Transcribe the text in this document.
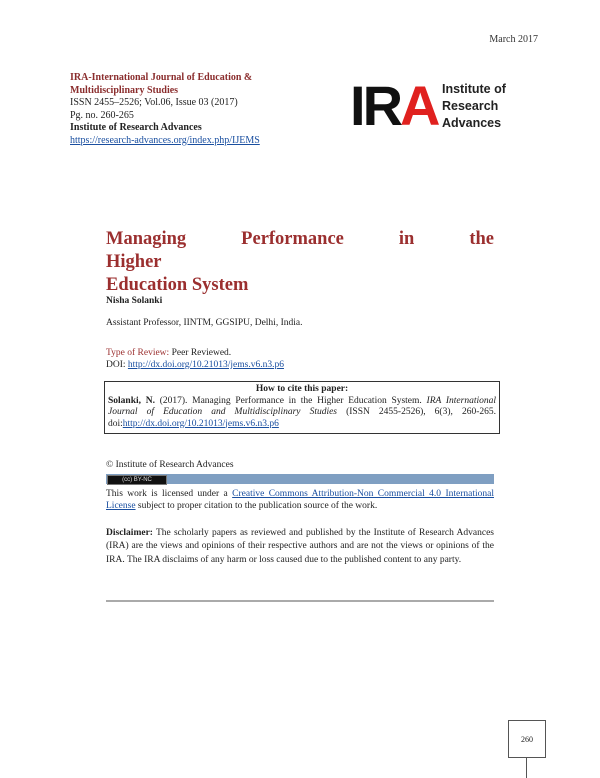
March 2017
IRA-International Journal of Education & Multidisciplinary Studies
ISSN 2455–2526; Vol.06, Issue 03 (2017)
Pg. no. 260-265

Institute of Research Advances
https://research-advances.org/index.php/IJEMS
IRA Institute of
Research
Advances
Managing Performance in the Higher
Education System
Nisha Solanki
Assistant Professor, IINTM, GGSIPU, Delhi, India.
Type of Review: Peer Reviewed.
DOI: http://dx.doi.org/10.21013/jems.v6.n3.p6
How to cite this paper:
Solanki, N. (2017). Managing Performance in the Higher Education System. IRA International Journal of Education and Multidisciplinary Studies (ISSN 2455-2526), 6(3), 260-265. doi:http://dx.doi.org/10.21013/jems.v6.n3.p6
© Institute of Research Advances
(cc) BY-NC
This work is licensed under a Creative Commons Attribution-Non Commercial 4.0 International License subject to proper citation to the publication source of the work.
Disclaimer: The scholarly papers as reviewed and published by the Institute of Research Advances (IRA) are the views and opinions of their respective authors and are not the views or opinions of the IRA. The IRA disclaims of any harm or loss caused due to the published content to any party.
260
